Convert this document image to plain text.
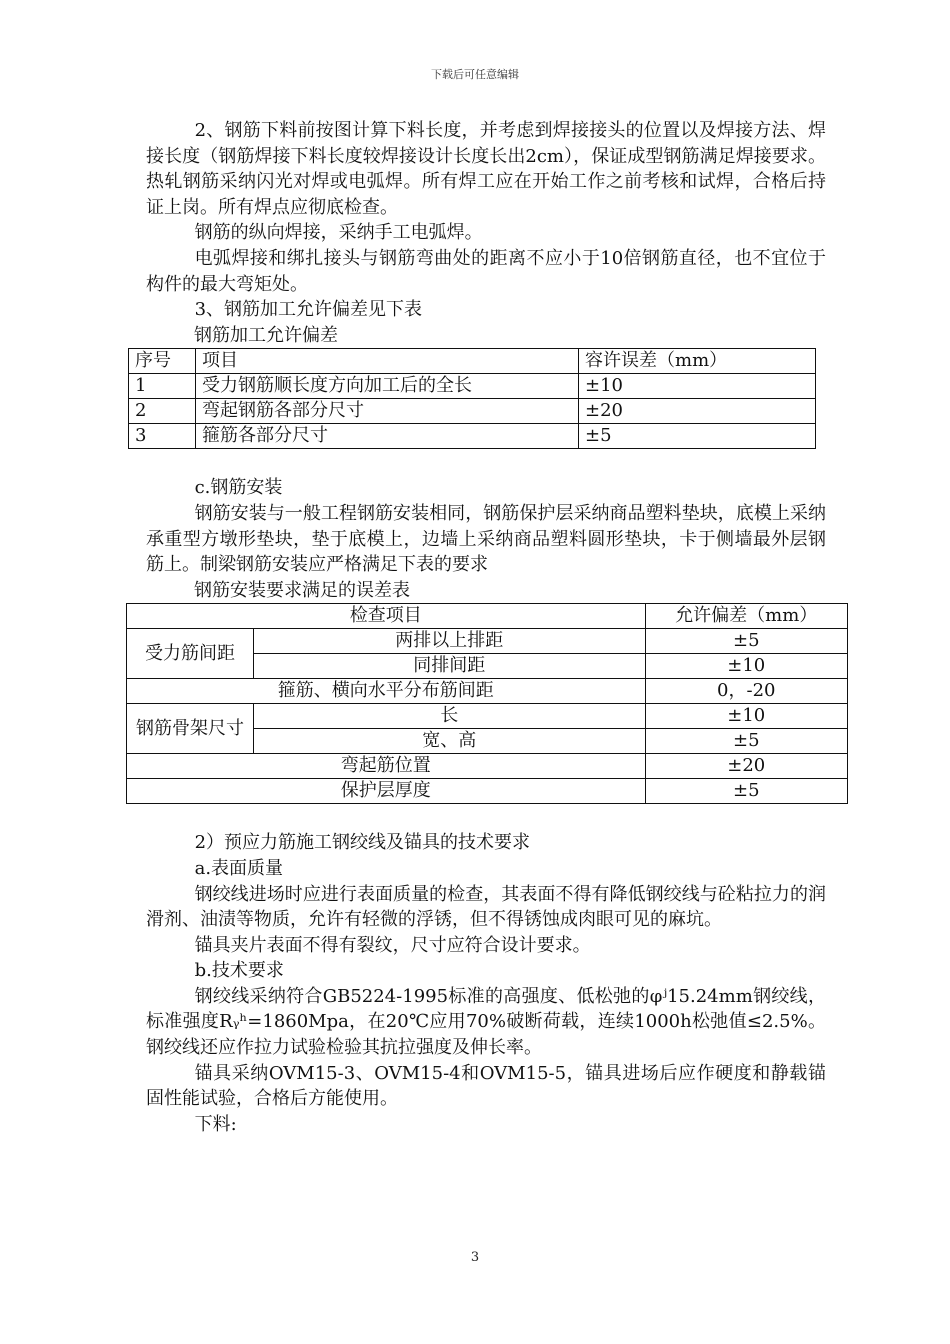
下载后可任意编辑

2、钢筋下料前按图计算下料长度，并考虑到焊接接头的位置以及焊接方法、焊接长度（钢筋焊接下料长度较焊接设计长度长出2cm），保证成型钢筋满足焊接要求。热轧钢筋采纳闪光对焊或电弧焊。所有焊工应在开始工作之前考核和试焊，合格后持证上岗。所有焊点应彻底检查。

钢筋的纵向焊接，采纳手工电弧焊。

电弧焊接和绑扎接头与钢筋弯曲处的距离不应小于10倍钢筋直径，也不宜位于构件的最大弯矩处。

3、钢筋加工允许偏差见下表

钢筋加工允许偏差

序号	项目	容许误差（mm）
1	受力钢筋顺长度方向加工后的全长	±10
2	弯起钢筋各部分尺寸	±20
3	箍筋各部分尺寸	±5

c.钢筋安装

钢筋安装与一般工程钢筋安装相同，钢筋保护层采纳商品塑料垫块，底模上采纳承重型方墩形垫块，垫于底模上，边墙上采纳商品塑料圆形垫块，卡于侧墙最外层钢筋上。制梁钢筋安装应严格满足下表的要求

钢筋安装要求满足的误差表

检查项目		允许偏差（mm）
受力筋间距	两排以上排距	±5
	同排间距	±10
箍筋、横向水平分布筋间距		0，-20
钢筋骨架尺寸	长	±10
	宽、高	±5
弯起筋位置		±20
保护层厚度		±5

2）预应力筋施工钢绞线及锚具的技术要求

a.表面质量

钢绞线进场时应进行表面质量的检查，其表面不得有降低钢绞线与砼粘拉力的润滑剂、油渍等物质，允许有轻微的浮锈，但不得锈蚀成肉眼可见的麻坑。

锚具夹片表面不得有裂纹，尺寸应符合设计要求。

b.技术要求

钢绞线采纳符合GB5224-1995标准的高强度、低松弛的φʲ15.24mm钢绞线，标准强度Rᵧʰ=1860Mpa，在20℃应用70%破断荷载，连续1000h松弛值≤2.5%。钢绞线还应作拉力试验检验其抗拉强度及伸长率。

锚具采纳OVM15-3、OVM15-4和OVM15-5，锚具进场后应作硬度和静载锚固性能试验，合格后方能使用。

下料:

3
